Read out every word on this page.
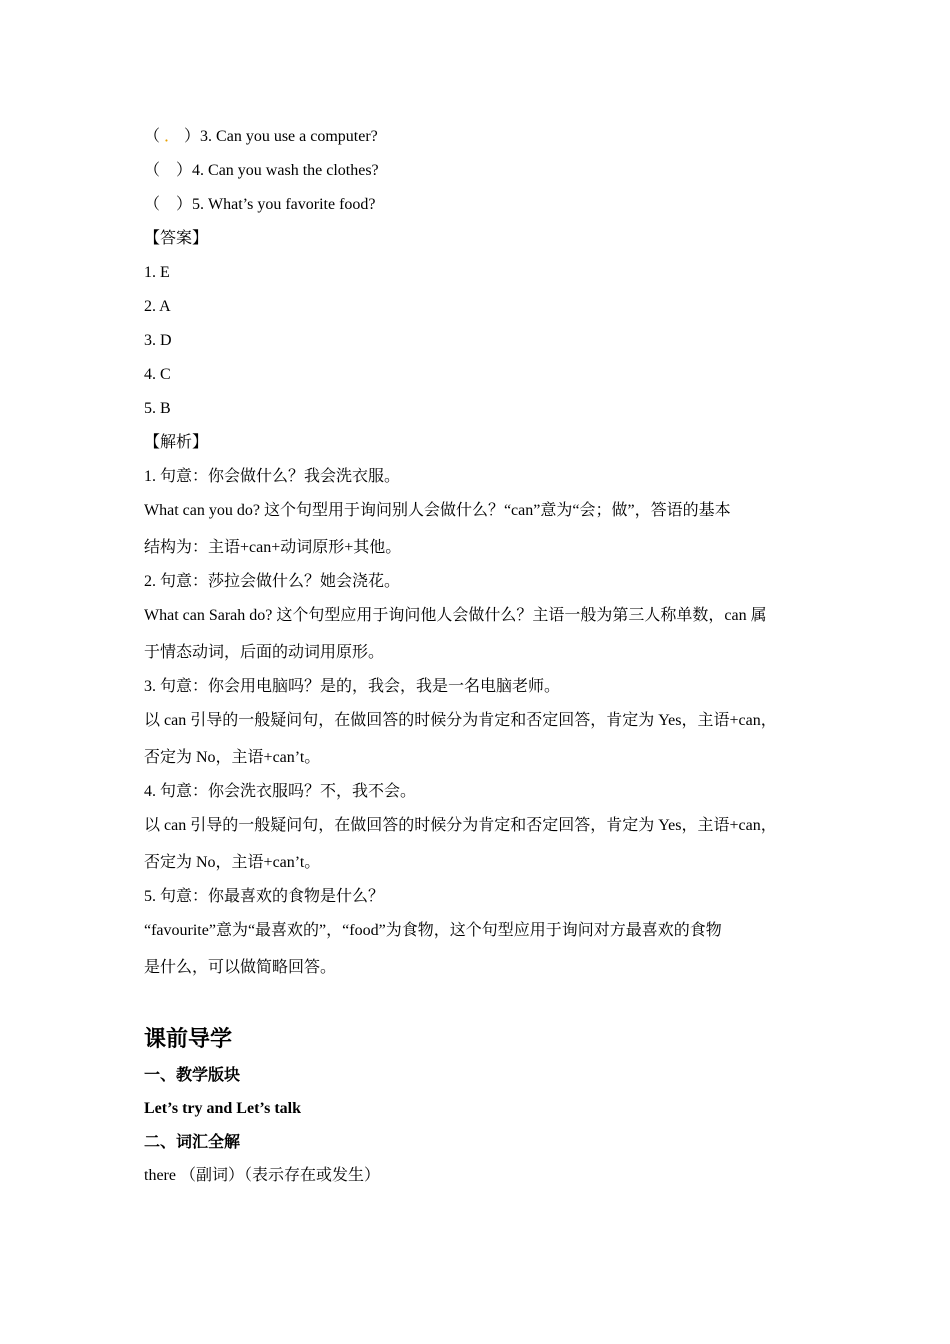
（ ． ）3. Can you use a computer?
（ ）4. Can you wash the clothes?
（ ）5. What’s you favorite food?
【答案】
1. E
2. A
3. D
4. C
5. B
【解析】
1. 句意：你会做什么？我会洗衣服。
What can you do? 这个句型用于询问别人会做什么？“can”意为“会；做”，答语的基本
结构为：主语+can+动词原形+其他。
2. 句意：莎拉会做什么？她会浇花。
What can Sarah do? 这个句型应用于询问他人会做什么？主语一般为第三人称单数，can 属
于情态动词，后面的动词用原形。
3. 句意：你会用电脑吗？是的，我会，我是一名电脑老师。
以 can 引导的一般疑问句，在做回答的时候分为肯定和否定回答，肯定为 Yes，主语+can，
否定为 No，主语+can’t。
4. 句意：你会洗衣服吗？不，我不会。
以 can 引导的一般疑问句，在做回答的时候分为肯定和否定回答，肯定为 Yes，主语+can，
否定为 No，主语+can’t。
5. 句意：你最喜欢的食物是什么？
“favourite”意为“最喜欢的”，“food”为食物，这个句型应用于询问对方最喜欢的食物
是什么，可以做简略回答。
课前导学
一、教学版块
Let’s try and Let’s talk
二、词汇全解
there （副词）（表示存在或发生）
